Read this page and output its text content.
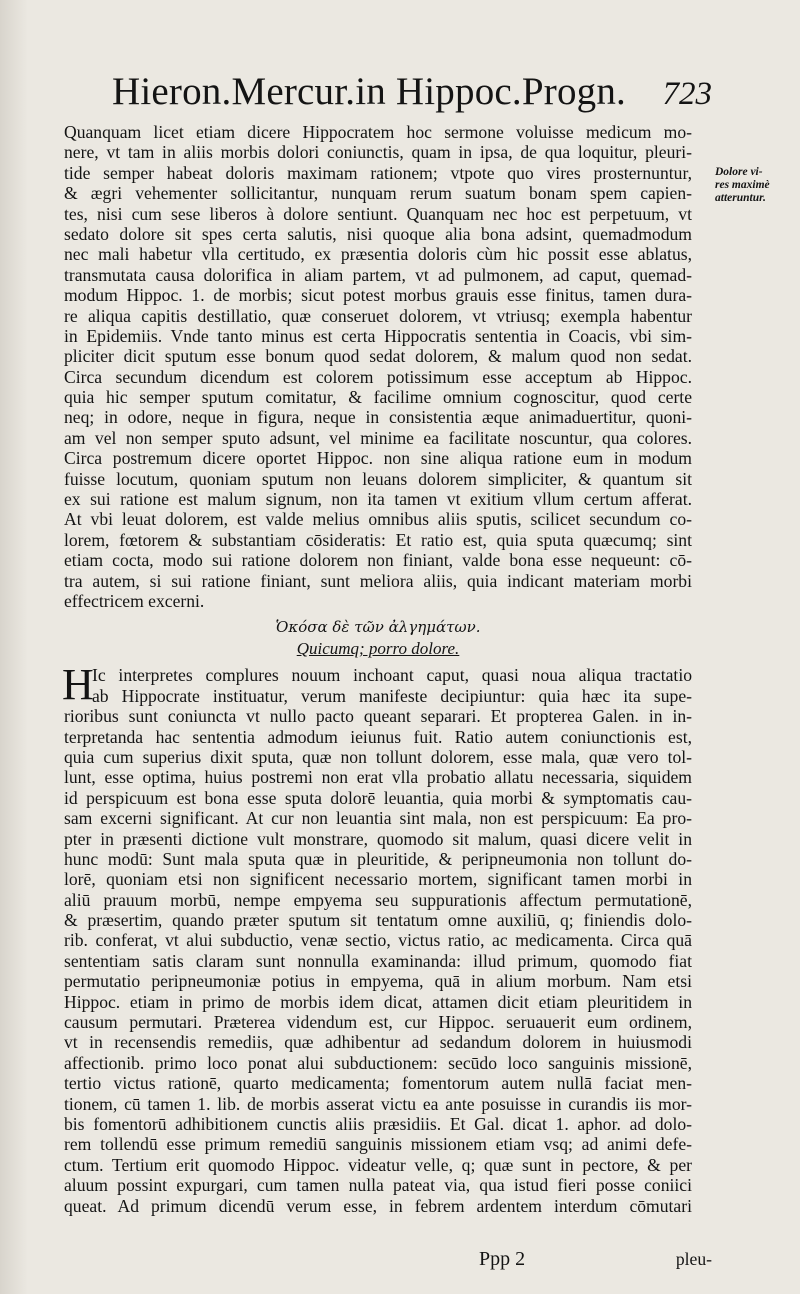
Hieron.Mercur.in Hippoc.Progn. 723
Dolore vi-
res maximè
atteruntur.
Quanquam licet etiam dicere Hippocratem hoc sermone voluisse medicum mo-
nere, vt tam in aliis morbis dolori coniunctis, quam in ipsa, de qua loquitur, pleuri-
tide semper habeat doloris maximam rationem; vtpote quo vires prosternuntur,
& ægri vehementer sollicitantur, nunquam rerum suatum bonam spem capien-
tes, nisi cum sese liberos à dolore sentiunt. Quanquam nec hoc est perpetuum, vt
sedato dolore sit spes certa salutis, nisi quoque alia bona adsint, quemadmodum
nec mali habetur vlla certitudo, ex præsentia doloris cùm hic possit esse ablatus,
transmutata causa dolorifica in aliam partem, vt ad pulmonem, ad caput, quemad-
modum Hippoc. 1. de morbis; sicut potest morbus grauis esse finitus, tamen dura-
re aliqua capitis destillatio, quæ conseruet dolorem, vt vtriusq; exempla habentur
in Epidemiis. Vnde tanto minus est certa Hippocratis sententia in Coacis, vbi sim-
pliciter dicit sputum esse bonum quod sedat dolorem, & malum quod non sedat.
Circa secundum dicendum est colorem potissimum esse acceptum ab Hippoc.
quia hic semper sputum comitatur, & facilime omnium cognoscitur, quod certe
neq; in odore, neque in figura, neque in consistentia æque animaduertitur, quoni-
am vel non semper sputo adsunt, vel minime ea facilitate noscuntur, qua colores.
Circa postremum dicere oportet Hippoc. non sine aliqua ratione eum in modum
fuisse locutum, quoniam sputum non leuans dolorem simpliciter, & quantum sit
ex sui ratione est malum signum, non ita tamen vt exitium vllum certum afferat.
At vbi leuat dolorem, est valde melius omnibus aliis sputis, scilicet secundum co-
lorem, fœtorem & substantiam cōsideratis: Et ratio est, quia sputa quæcumq; sint
etiam cocta, modo sui ratione dolorem non finiant, valde bona esse nequeunt: cō-
tra autem, si sui ratione finiant, sunt meliora aliis, quia indicant materiam morbi
effectricem excerni.
Ὁκόσα δὲ τῶν ἀλγημάτων.
Quicumq; porro dolore.
H
Ic interpretes complures nouum inchoant caput, quasi noua aliqua tractatio
ab Hippocrate instituatur, verum manifeste decipiuntur: quia hæc ita supe-
rioribus sunt coniuncta vt nullo pacto queant separari. Et propterea Galen. in in-
terpretanda hac sententia admodum ieiunus fuit. Ratio autem coniunctionis est,
quia cum superius dixit sputa, quæ non tollunt dolorem, esse mala, quæ vero tol-
lunt, esse optima, huius postremi non erat vlla probatio allatu necessaria, siquidem
id perspicuum est bona esse sputa dolorē leuantia, quia morbi & symptomatis cau-
sam excerni significant. At cur non leuantia sint mala, non est perspicuum: Ea pro-
pter in præsenti dictione vult monstrare, quomodo sit malum, quasi dicere velit in
hunc modū: Sunt mala sputa quæ in pleuritide, & peripneumonia non tollunt do-
lorē, quoniam etsi non significent necessario mortem, significant tamen morbi in
aliū prauum morbū, nempe empyema seu suppurationis affectum permutationē,
& præsertim, quando præter sputum sit tentatum omne auxiliū, q; finiendis dolo-
rib. conferat, vt alui subductio, venæ sectio, victus ratio, ac medicamenta. Circa quā
sententiam satis claram sunt nonnulla examinanda: illud primum, quomodo fiat
permutatio peripneumoniæ potius in empyema, quā in alium morbum. Nam etsi
Hippoc. etiam in primo de morbis idem dicat, attamen dicit etiam pleuritidem in
causum permutari. Præterea videndum est, cur Hippoc. seruauerit eum ordinem,
vt in recensendis remediis, quæ adhibentur ad sedandum dolorem in huiusmodi
affectionib. primo loco ponat alui subductionem: secūdo loco sanguinis missionē,
tertio victus rationē, quarto medicamenta; fomentorum autem nullā faciat men-
tionem, cū tamen 1. lib. de morbis asserat victu ea ante posuisse in curandis iis mor-
bis fomentorū adhibitionem cunctis aliis præsidiis. Et Gal. dicat 1. aphor. ad dolo-
rem tollendū esse primum remediū sanguinis missionem etiam vsq; ad animi defe-
ctum. Tertium erit quomodo Hippoc. videatur velle, q; quæ sunt in pectore, & per
aluum possint expurgari, cum tamen nulla pateat via, qua istud fieri posse coniici
queat. Ad primum dicendū verum esse, in febrem ardentem interdum cōmutari
Ppp 2	pleu-
